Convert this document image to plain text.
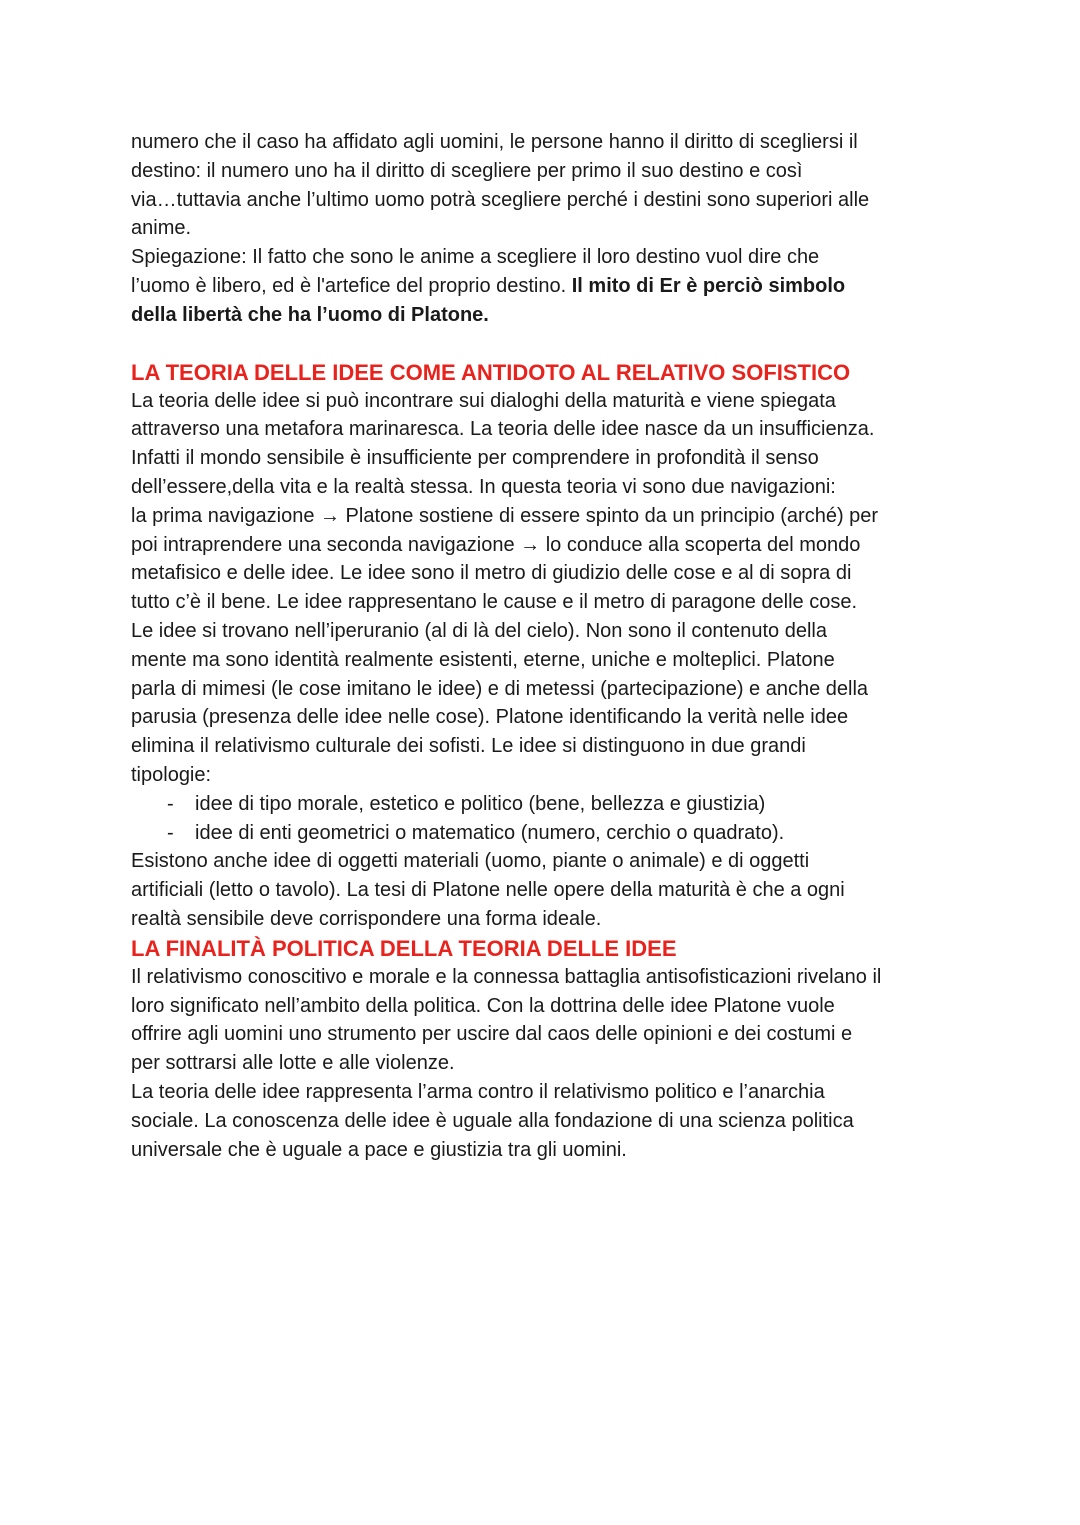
numero che il caso ha affidato agli uomini, le persone hanno il diritto di scegliersi il

destino: il numero uno ha il diritto di scegliere per primo il suo destino e così

via…tuttavia anche l’ultimo uomo potrà scegliere perché i destini sono superiori alle

anime.

Spiegazione: Il fatto che sono le anime a scegliere il loro destino vuol dire che

l’uomo è libero, ed è l'artefice del proprio destino. Il mito di Er è perciò simbolo

della libertà che ha l’uomo di Platone.

LA TEORIA DELLE IDEE COME ANTIDOTO AL RELATIVO SOFISTICO

La teoria delle idee si può incontrare sui dialoghi della maturità e viene spiegata

attraverso una metafora marinaresca. La teoria delle idee nasce da un insufficienza.

Infatti il mondo sensibile è insufficiente per comprendere in profondità il senso

dell’essere,della vita e la realtà stessa. In questa teoria vi sono due navigazioni:

la prima navigazione → Platone sostiene di essere spinto da un principio (arché) per

poi intraprendere una seconda navigazione → lo conduce alla scoperta del mondo

metafisico e delle idee. Le idee sono il metro di giudizio delle cose e al di sopra di

tutto c’è il bene. Le idee rappresentano le cause e il metro di paragone delle cose.

Le idee si trovano nell’iperuranio (al di là del cielo). Non sono il contenuto della

mente ma sono identità realmente esistenti, eterne, uniche e molteplici. Platone

parla di mimesi (le cose imitano le idee) e di metessi (partecipazione) e anche della

parusia (presenza delle idee nelle cose). Platone identificando la verità nelle idee

elimina il relativismo culturale dei sofisti. Le idee si distinguono in due grandi

tipologie:

- idee di tipo morale, estetico e politico (bene, bellezza e giustizia)
- idee di enti geometrici o matematico (numero, cerchio o quadrato).

Esistono anche idee di oggetti materiali (uomo, piante o animale) e di oggetti

artificiali (letto o tavolo). La tesi di Platone nelle opere della maturità è che a ogni

realtà sensibile deve corrispondere una forma ideale.

LA FINALITÀ POLITICA DELLA TEORIA DELLE IDEE

Il relativismo conoscitivo e morale e la connessa battaglia antisofisticazioni rivelano il

loro significato nell’ambito della politica. Con la dottrina delle idee Platone vuole

offrire agli uomini uno strumento per uscire dal caos delle opinioni e dei costumi e

per sottrarsi alle lotte e alle violenze.

La teoria delle idee rappresenta l’arma contro il relativismo politico e l’anarchia

sociale. La conoscenza delle idee è uguale alla fondazione di una scienza politica

universale che è uguale a pace e giustizia tra gli uomini.
